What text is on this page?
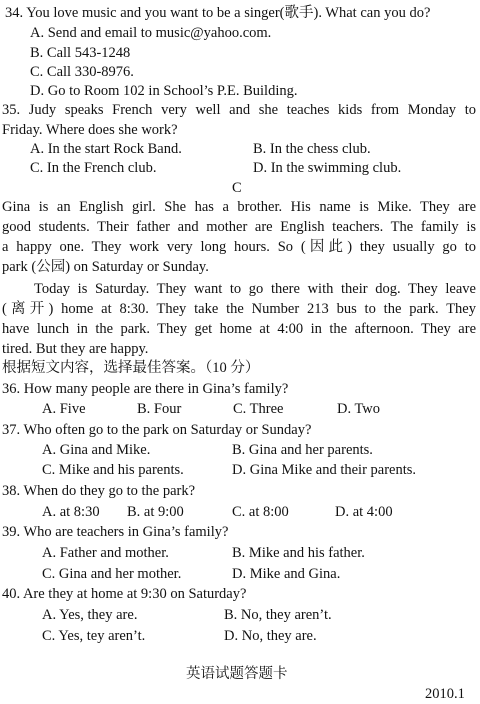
34. You love music and you want to be a singer(歌手). What can you do?
A. Send and email to music@yahoo.com.
B. Call 543-1248
C. Call 330-8976.
D. Go to Room 102 in School’s P.E. Building.
35. Judy speaks French very well and she teaches kids from Monday to
Friday. Where does she work?
A. In the start Rock Band.	B. In the chess club.
C. In the French club.	D. In the swimming club.
C
Gina is an English girl. She has a brother. His name is Mike. They are
good students. Their father and mother are English teachers. The family is
a happy one. They work very long hours. So (因此) they usually go to
park (公园) on Saturday or Sunday.
Today is Saturday. They want to go there with their dog. They leave
(离开) home at 8:30. They take the Number 213 bus to the park. They
have lunch in the park. They get home at 4:00 in the afternoon. They are
tired. But they are happy.
根据短文内容，选择最佳答案。（10 分）
36. How many people are there in Gina’s family?
A. Five	B. Four	C. Three	D. Two
37. Who often go to the park on Saturday or Sunday?
A. Gina and Mike.	B. Gina and her parents.
C. Mike and his parents.	D. Gina Mike and their parents.
38. When do they go to the park?
A. at 8:30 B. at 9:00	C. at 8:00	D. at 4:00
39. Who are teachers in Gina’s family?
A. Father and mother.	B. Mike and his father.
C. Gina and her mother.	D. Mike and Gina.
40. Are they at home at 9:30 on Saturday?
A. Yes, they are.	B. No, they aren’t.
C. Yes, tey aren’t.	D. No, they are.
英语试题答题卡
2010.1
